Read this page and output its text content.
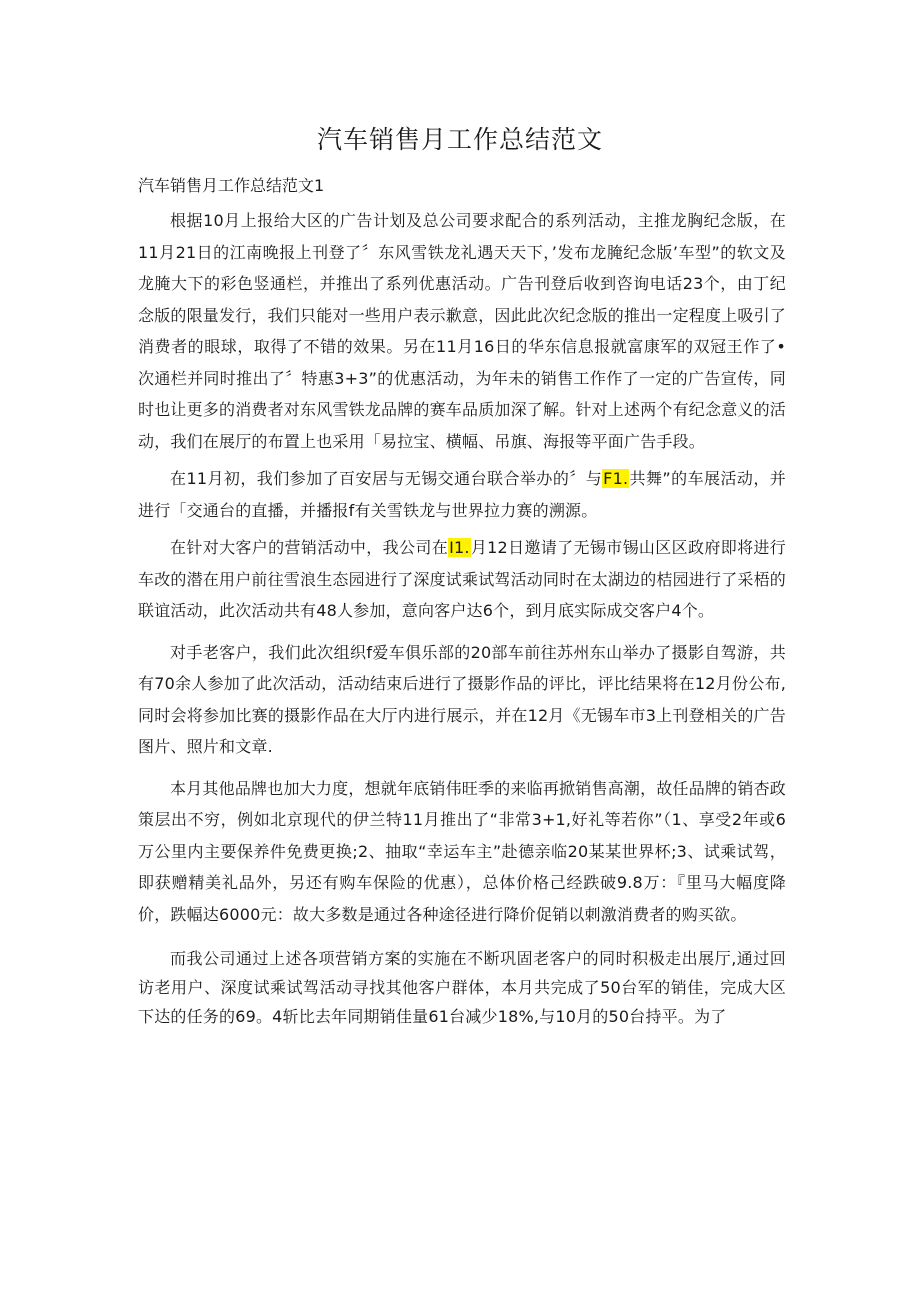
汽车销售月工作总结范文

汽车销售月工作总结范文1

根据10月上报给大区的广告计划及总公司要求配合的系列活动，主推龙胸纪念版，在11月21日的江南晚报上刊登了〞东风雪铁龙礼遇天天下，’发布龙腌纪念版’车型”的软文及龙腌大下的彩色竖通栏，并推出了系列优惠活动。广告刊登后收到咨询电话23个，由丁纪念版的限量发行，我们只能对一些用户表示歉意，因此此次纪念版的推出一定程度上吸引了消费者的眼球，取得了不错的效果。另在11月16日的华东信息报就富康军的双冠王作了•次通栏并同时推出了〞特惠3+3”的优惠活动，为年未的销售工作作了一定的广告宣传，同时也让更多的消费者对东风雪铁龙品牌的赛车品质加深了解。针对上述两个有纪念意义的活动，我们在展厅的布置上也采用「易拉宝、横幅、吊旗、海报等平面广告手段。

在11月初，我们参加了百安居与无锡交通台联合举办的〞与F1.共舞”的车展活动，并进行「交通台的直播，并播报f有关雪铁龙与世界拉力赛的溯源。

在针对大客户的营销活动中，我公司在I1.月12日邀请了无锡市锡山区区政府即将进行车改的潜在用户前往雪浪生态园进行了深度试乘试驾活动同时在太湖边的桔园进行了采梧的联谊活动，此次活动共有48人参加，意向客户达6个，到月底实际成交客户4个。

对手老客户，我们此次组织f爱车俱乐部的20部车前往苏州东山举办了摄影自驾游，共有70余人参加了此次活动，活动结束后进行了摄影作品的评比，评比结果将在12月份公布,同时会将参加比赛的摄影作品在大厅内进行展示，并在12月《无锡车市3上刊登相关的广告图片、照片和文章.

本月其他品牌也加大力度，想就年底销伟旺季的来临再掀销售高潮，故任品牌的销杏政策层出不穷，例如北京现代的伊兰特11月推出了“非常3+1,好礼等若你”（1、享受2年或6万公里内主要保养件免费更换;2、抽取“幸运车主”赴德亲临20某某世界杯;3、试乘试驾，即获赠精美礼品外，另还有购车保险的优惠），总体价格己经跌破9.8万：『里马大幅度降价，跌幅达6000元：故大多数是通过各种途径进行降价促销以刺激消费者的购买欲。

而我公司通过上述各项营销方案的实施在不断巩固老客户的同时积极走出展厅,通过回访老用户、深度试乘试驾活动寻找其他客户群体，本月共完成了50台军的销佳，完成大区下达的任务的69。4斩比去年同期销佳量61台减少18%,与10月的50台持平。为了
